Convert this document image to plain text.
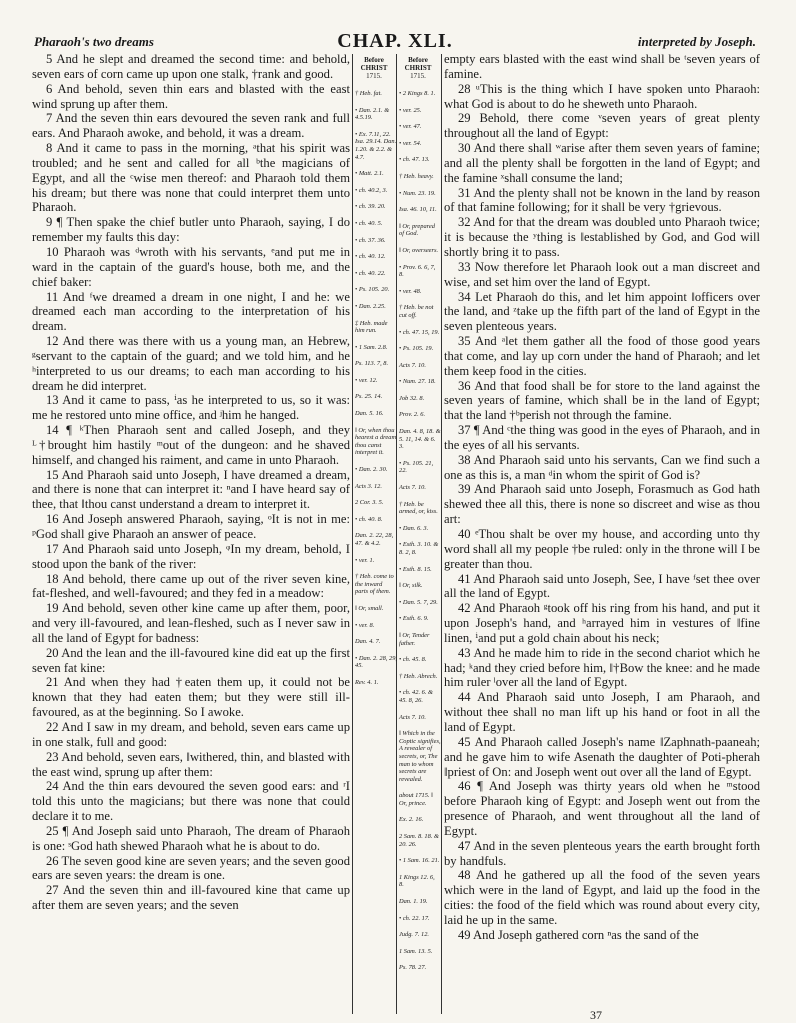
Pharaoh's two dreams	CHAP. XLI.	interpreted by Joseph.

5 And he slept and dreamed the second time: and behold, seven ears of corn came up upon one stalk, †rank and good.

6 And behold, seven thin ears and blasted with the east wind sprung up after them.

7 And the seven thin ears devoured the seven rank and full ears. And Pharaoh awoke, and behold, it was a dream.

8 And it came to pass in the morning, ᵃthat his spirit was troubled; and he sent and called for all ᵇthe magicians of Egypt, and all the ᶜwise men thereof: and Pharaoh told them his dream; but there was none that could interpret them unto Pharaoh.

9 ¶ Then spake the chief butler unto Pharaoh, saying, I do remember my faults this day:

10 Pharaoh was ᵈwroth with his servants, ᵉand put me in ward in the captain of the guard's house, both me, and the chief baker:

11 And ᶠwe dreamed a dream in one night, I and he: we dreamed each man according to the interpretation of his dream.

12 And there was there with us a young man, an Hebrew, ᵍservant to the captain of the guard; and we told him, and he ʰinterpreted to us our dreams; to each man according to his dream he did interpret.

13 And it came to pass, ⁱas he interpreted to us, so it was: me he restored unto mine office, and ʲhim he hanged.

14 ¶ ᵏThen Pharaoh sent and called Joseph, and they ᴸ†brought him hastily ᵐout of the dungeon: and he shaved himself, and changed his raiment, and came in unto Pharaoh.

15 And Pharaoh said unto Joseph, I have dreamed a dream, and there is none that can interpret it: ⁿand I have heard say of thee, that ‖thou canst understand a dream to interpret it.

16 And Joseph answered Pharaoh, saying, ᵒIt is not in me: ᵖGod shall give Pharaoh an answer of peace.

17 And Pharaoh said unto Joseph, ᵠIn my dream, behold, I stood upon the bank of the river:

18 And behold, there came up out of the river seven kine, fat-fleshed, and well-favoured; and they fed in a meadow:

19 And behold, seven other kine came up after them, poor, and very ill-favoured, and lean-fleshed, such as I never saw in all the land of Egypt for badness:

20 And the lean and the ill-favoured kine did eat up the first seven fat kine:

21 And when they had †eaten them up, it could not be known that they had eaten them; but they were still ill-favoured, as at the beginning. So I awoke.

22 And I saw in my dream, and behold, seven ears came up in one stalk, full and good:

23 And behold, seven ears, ‖withered, thin, and blasted with the east wind, sprung up after them:

24 And the thin ears devoured the seven good ears: and ʳI told this unto the magicians; but there was none that could declare it to me.

25 ¶ And Joseph said unto Pharaoh, The dream of Pharaoh is one: ˢGod hath shewed Pharaoh what he is about to do.

26 The seven good kine are seven years; and the seven good ears are seven years: the dream is one.

27 And the seven thin and ill-favoured kine that came up after them are seven years; and the seven

Before CHRIST
1715.
Before CHRIST
1715.
† Heb. fat.
• Dan. 2.1. & 4.5.19.
• Ex. 7.11, 22. Isa. 29.14. Dan. 1.20. & 2.2. & 4.7.
• Matt. 2.1.
• ch. 40.2, 3.
• ch. 39. 20.
• ch. 40. 5.
• ch. 37. 36.
• ch. 40. 12.
• ch. 40. 22.
• Ps. 105. 20.
• Dan. 2.25.
‡ Heb. made him run.
• 1 Sam. 2.8.
Ps. 113. 7, 8.
• ver. 12.
Ps. 25. 14.
Dan. 5. 16.
‖ Or, when thou hearest a dream thou canst interpret it.
• Dan. 2. 30.
Acts 3. 12.
2 Cor. 3. 5.
• ch. 40. 8.
Dan. 2. 22, 28, 47. & 4.2.
• ver. 1.
† Heb. come to the inward parts of them.
‖ Or, small.
• ver. 8.
Dan. 4. 7.
• Dan. 2. 28, 29, 45.
Rev. 4. 1.
• 2 Kings 8. 1.
• ver. 25.
• ver. 47.
• ver. 54.
• ch. 47. 13.
† Heb. heavy.
• Num. 23. 19.
Isa. 46. 10, 11.
‖ Or, prepared of God.
‖ Or, overseers.
• Prov. 6. 6, 7, 8.
• ver. 48.
† Heb. be not cut off.
• ch. 47. 15, 19.
• Ps. 105. 19.
Acts 7. 10.
• Num. 27. 18.
Job 32. 8.
Prov. 2. 6.
Dan. 4. 8, 18. & 5. 11, 14. & 6. 3.
• Ps. 105. 21, 22.
Acts 7. 10.
† Heb. be armed, or, kiss.
• Dan. 6. 3.
• Esth. 3. 10. & 8. 2, 8.
• Esth. 8. 15.
‖ Or, silk.
• Dan. 5. 7, 29.
• Esth. 6. 9.
‖ Or, Tender father.
• ch. 45. 8.
† Heb. Abrech.
• ch. 42. 6. & 45. 8, 26.
Acts 7. 10.
‖ Which in the Coptic signifies, A revealer of secrets, or, The man to whom secrets are revealed.
about 1715. ‖ Or, prince.
Ex. 2. 16.
2 Sam. 8. 18. & 20. 26.
• 1 Sam. 16. 21.
1 Kings 12. 6, 8.
Dan. 1. 19.
• ch. 22. 17.
Judg. 7. 12.
1 Sam. 13. 5.
Ps. 78. 27.

empty ears blasted with the east wind shall be ᵗseven years of famine.

28 ᵘThis is the thing which I have spoken unto Pharaoh: what God is about to do he sheweth unto Pharaoh.

29 Behold, there come ᵛseven years of great plenty throughout all the land of Egypt:

30 And there shall ʷarise after them seven years of famine; and all the plenty shall be forgotten in the land of Egypt; and the famine ˣshall consume the land;

31 And the plenty shall not be known in the land by reason of that famine following; for it shall be very †grievous.

32 And for that the dream was doubled unto Pharaoh twice; it is because the ʸthing is ‖established by God, and God will shortly bring it to pass.

33 Now therefore let Pharaoh look out a man discreet and wise, and set him over the land of Egypt.

34 Let Pharaoh do this, and let him appoint ‖officers over the land, and ᶻtake up the fifth part of the land of Egypt in the seven plenteous years.

35 And ᵃlet them gather all the food of those good years that come, and lay up corn under the hand of Pharaoh; and let them keep food in the cities.

36 And that food shall be for store to the land against the seven years of famine, which shall be in the land of Egypt; that the land †ᵇperish not through the famine.

37 ¶ And ᶜthe thing was good in the eyes of Pharaoh, and in the eyes of all his servants.

38 And Pharaoh said unto his servants, Can we find such a one as this is, a man ᵈin whom the spirit of God is?

39 And Pharaoh said unto Joseph, Forasmuch as God hath shewed thee all this, there is none so discreet and wise as thou art:

40 ᵉThou shalt be over my house, and according unto thy word shall all my people †be ruled: only in the throne will I be greater than thou.

41 And Pharaoh said unto Joseph, See, I have ᶠset thee over all the land of Egypt.

42 And Pharaoh ᵍtook off his ring from his hand, and put it upon Joseph's hand, and ʰarrayed him in vestures of ‖fine linen, ⁱand put a gold chain about his neck;

43 And he made him to ride in the second chariot which he had; ᵏand they cried before him, ‖†Bow the knee: and he made him ruler ˡover all the land of Egypt.

44 And Pharaoh said unto Joseph, I am Pharaoh, and without thee shall no man lift up his hand or foot in all the land of Egypt.

45 And Pharaoh called Joseph's name ‖Zaphnath-paaneah; and he gave him to wife Asenath the daughter of Poti-pherah ‖priest of On: and Joseph went out over all the land of Egypt.

46 ¶ And Joseph was thirty years old when he ᵐstood before Pharaoh king of Egypt: and Joseph went out from the presence of Pharaoh, and went throughout all the land of Egypt.

47 And in the seven plenteous years the earth brought forth by handfuls.

48 And he gathered up all the food of the seven years which were in the land of Egypt, and laid up the food in the cities: the food of the field which was round about every city, laid he up in the same.

49 And Joseph gathered corn ⁿas the sand of the

37
